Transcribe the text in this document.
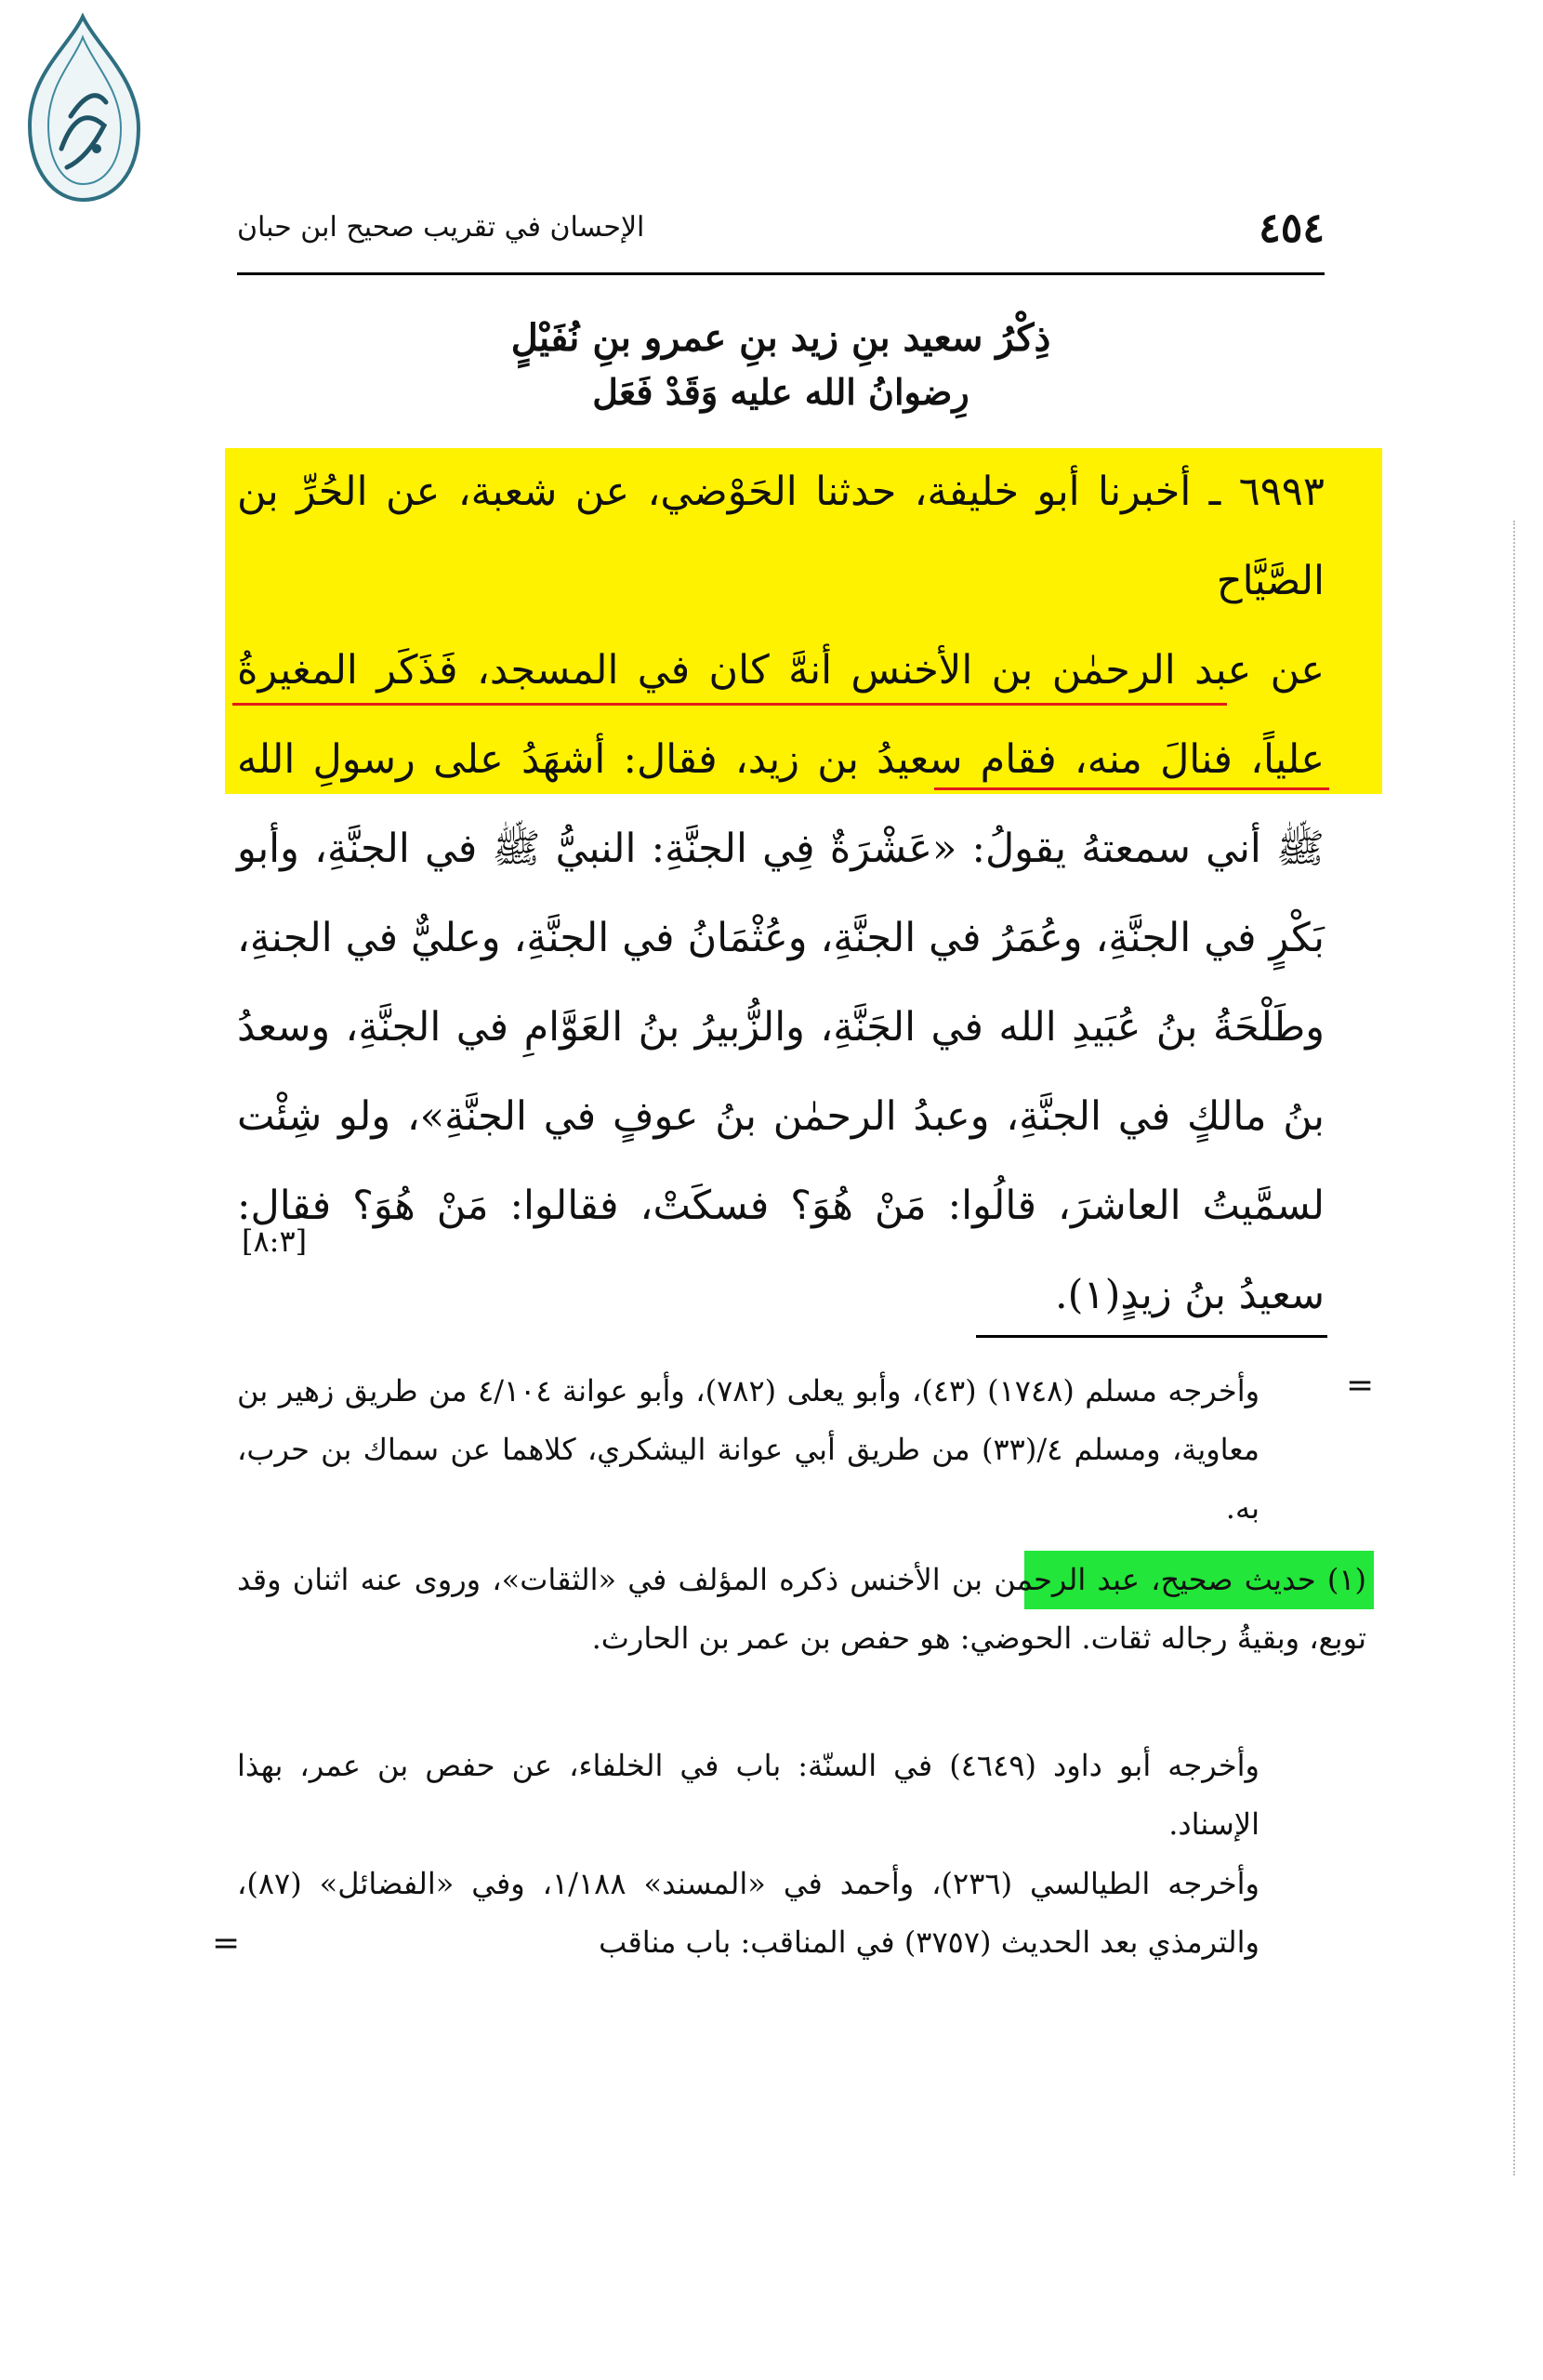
٤٥٤
الإحسان في تقريب صحيح ابن حبان
ذِكْرُ سعيد بنِ زيد بنِ عمرو بنِ نُفَيْلٍ
رِضوانُ الله عليه وَقَدْ فَعَل

٦٩٩٣ ـ أخبرنا أبو خليفة، حدثنا الحَوْضي، عن شعبة، عن الحُرِّ بن الصَّيَّاح

عن عبد الرحمٰن بن الأخنس أنهَّ كان في المسجد، فَذَكَر المغيرةُ علياً، فنالَ منه، فقام سعيدُ بن زيد، فقال: أشهَدُ على رسولِ الله ﷺ أني سمعتهُ يقولُ: «عَشْرَةٌ فِي الجنَّةِ: النبيُّ ﷺ في الجنَّةِ، وأبو بَكْرٍ في الجنَّةِ، وعُمَرُ في الجنَّةِ، وعُثْمَانُ في الجنَّةِ، وعليٌّ في الجنةِ، وطَلْحَةُ بنُ عُبَيدِ الله في الجَنَّةِ، والزُّبيرُ بنُ العَوَّامِ في الجنَّةِ، وسعدُ بنُ مالكٍ في الجنَّةِ، وعبدُ الرحمٰن بنُ عوفٍ في الجنَّةِ»، ولو شِئْت لسمَّيتُ العاشرَ، قالُوا: مَنْ هُوَ؟ فسكَتْ، فقالوا: مَنْ هُوَ؟ فقال: سعيدُ بنُ زيدٍ(١).

[٨:٣]
=
وأخرجه مسلم (١٧٤٨) (٤٣)، وأبو يعلى (٧٨٢)، وأبو عوانة ٤/١٠٤ من طريق زهير بن معاوية، ومسلم ٤/(٣٣) من طريق أبي عوانة اليشكري، كلاهما عن سماك بن حرب، به.
(١) حديث صحيح، عبد الرحمن بن الأخنس ذكره المؤلف في «الثقات»، وروى عنه اثنان وقد توبع، وبقيةُ رجاله ثقات. الحوضي: هو حفص بن عمر بن الحارث.
وأخرجه أبو داود (٤٦٤٩) في السنّة: باب في الخلفاء، عن حفص بن عمر، بهذا الإسناد.
وأخرجه الطيالسي (٢٣٦)، وأحمد في «المسند» ١/١٨٨، وفي «الفضائل» (٨٧)، والترمذي بعد الحديث (٣٧٥٧) في المناقب: باب مناقب
=
